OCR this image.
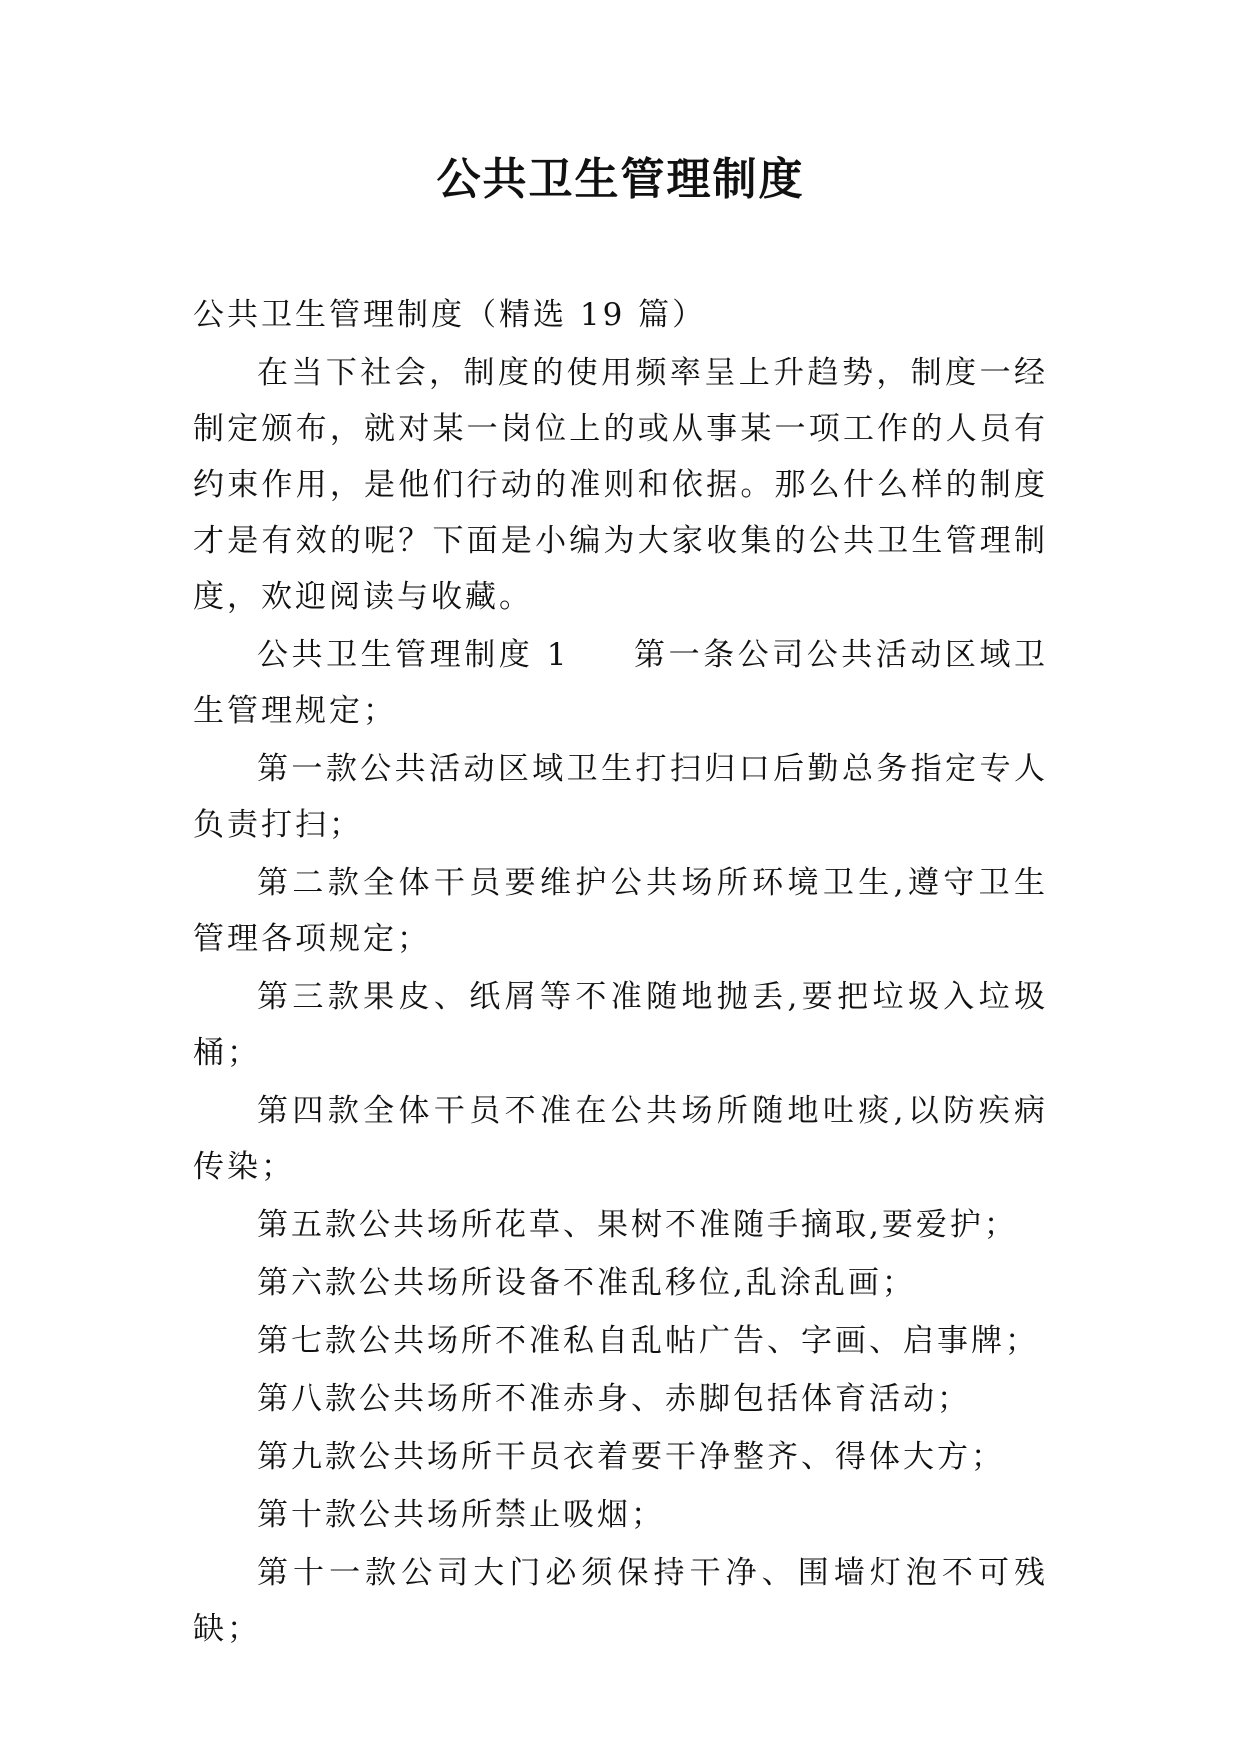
公共卫生管理制度

公共卫生管理制度（精选 19 篇）

在当下社会，制度的使用频率呈上升趋势，制度一经制定颁布，就对某一岗位上的或从事某一项工作的人员有约束作用，是他们行动的准则和依据。那么什么样的制度才是有效的呢？下面是小编为大家收集的公共卫生管理制度，欢迎阅读与收藏。

公共卫生管理制度 1 第一条公司公共活动区域卫生管理规定；

第一款公共活动区域卫生打扫归口后勤总务指定专人负责打扫；

第二款全体干员要维护公共场所环境卫生,遵守卫生管理各项规定；

第三款果皮、纸屑等不准随地抛丢,要把垃圾入垃圾桶；

第四款全体干员不准在公共场所随地吐痰,以防疾病传染；

第五款公共场所花草、果树不准随手摘取,要爱护；

第六款公共场所设备不准乱移位,乱涂乱画；

第七款公共场所不准私自乱帖广告、字画、启事牌；

第八款公共场所不准赤身、赤脚包括体育活动；

第九款公共场所干员衣着要干净整齐、得体大方；

第十款公共场所禁止吸烟；

第十一款公司大门必须保持干净、围墙灯泡不可残缺；
